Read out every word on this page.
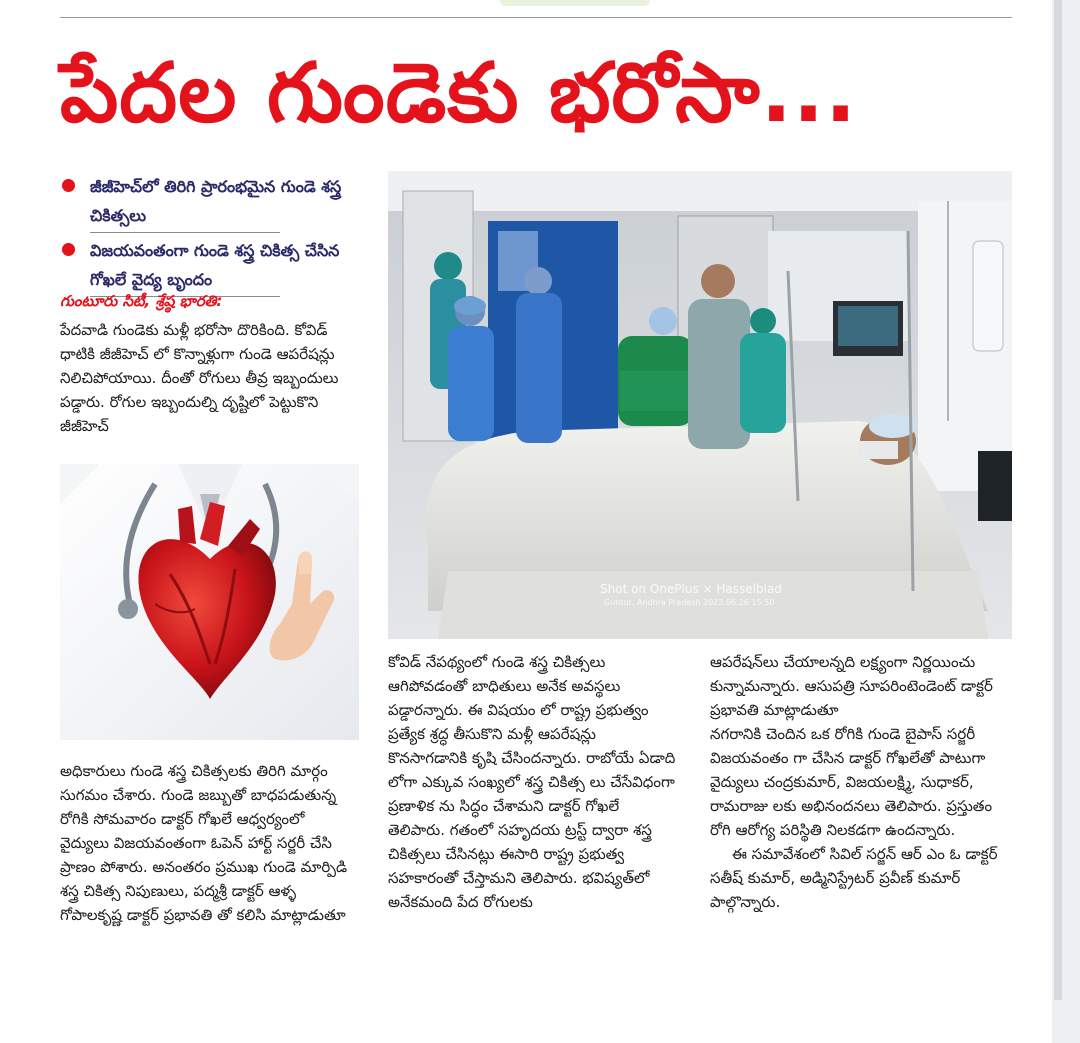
పేదల గుండెకు భరోసా...
జీజీహెచ్‌లో తిరిగి ప్రారంభమైన గుండె శస్త్ర చికిత్సలు
విజయవంతంగా గుండె శస్త్ర చికిత్స చేసిన గోఖలే వైద్య బృందం
గుంటూరు సిటీ, శ్రేష్ఠ భారతి:
పేదవాడి గుండెకు మళ్లీ భరోసా దొరికింది. కోవిడ్ ధాటికి జీజీహెచ్ లో కొన్నాళ్లుగా గుండె ఆపరేషన్లు నిలిచిపోయాయి. దీంతో రోగులు తీవ్ర ఇబ్బందులు పడ్డారు. రోగుల ఇబ్బందుల్ని దృష్టిలో పెట్టుకొని జీజీహెచ్
అధికారులు గుండె శస్త్ర చికిత్సలకు తిరిగి మార్గం సుగమం చేశారు. గుండె జబ్బుతో బాధపడుతున్న రోగికి సోమవారం డాక్టర్ గోఖలే ఆధ్వర్యంలో వైద్యులు విజయవంతంగా ఓపెన్ హార్ట్ సర్జరీ చేసి ప్రాణం పోశారు. అనంతరం ప్రముఖ గుండె మార్పిడి శస్త్ర చికిత్స నిపుణులు, పద్మశ్రీ డాక్టర్ ఆళ్ళ గోపాలకృష్ణ డాక్టర్ ప్రభావతి తో కలిసి మాట్లాడుతూ
Shot on OnePlus × Hasselblad
Guntur, Andhra Pradesh 2023.06.26 15:50
కోవిడ్ నేపథ్యంలో గుండె శస్త్ర చికిత్సలు ఆగిపోవడంతో బాధితులు అనేక అవస్థలు పడ్డారన్నారు. ఈ విషయం లో రాష్ట్ర ప్రభుత్వం ప్రత్యేక శ్రద్ధ తీసుకొని మళ్లీ ఆపరేషన్లు కొనసాగడానికి కృషి చేసిందన్నారు. రాబోయే ఏడాది లోగా ఎక్కువ సంఖ్యలో శస్త్ర చికిత్స లు చేసేవిధంగా ప్రణాళిక ను సిద్ధం చేశామని డాక్టర్ గోఖలే తెలిపారు. గతంలో సహృదయ ట్రస్ట్ ద్వారా శస్త్ర చికిత్సలు చేసినట్లు ఈసారి రాష్ట్ర ప్రభుత్వ సహకారంతో చేస్తామని తెలిపారు. భవిష్యత్‌లో అనేకమంది పేద రోగులకు
ఆపరేషన్‌లు చేయాలన్నది లక్ష్యంగా నిర్ణయించు కున్నామన్నారు. ఆసుపత్రి సూపరింటెండెంట్ డాక్టర్ ప్రభావతి మాట్లాడుతూ
నగరానికి చెందిన ఒక రోగికి గుండె బైపాస్ సర్జరీ విజయవంతం గా చేసిన డాక్టర్ గోఖలేతో పాటుగా వైద్యులు చంద్రకుమార్, విజయలక్ష్మి, సుధాకర్, రామరాజు లకు అభినందనలు తెలిపారు. ప్రస్తుతం రోగి ఆరోగ్య పరిస్థితి నిలకడగా ఉందన్నారు.
ఈ సమావేశంలో సివిల్ సర్జన్ ఆర్ ఎం ఓ డాక్టర్ సతీష్ కుమార్, అడ్మినిస్ట్రేటర్ ప్రవీణ్ కుమార్ పాల్గొన్నారు.
